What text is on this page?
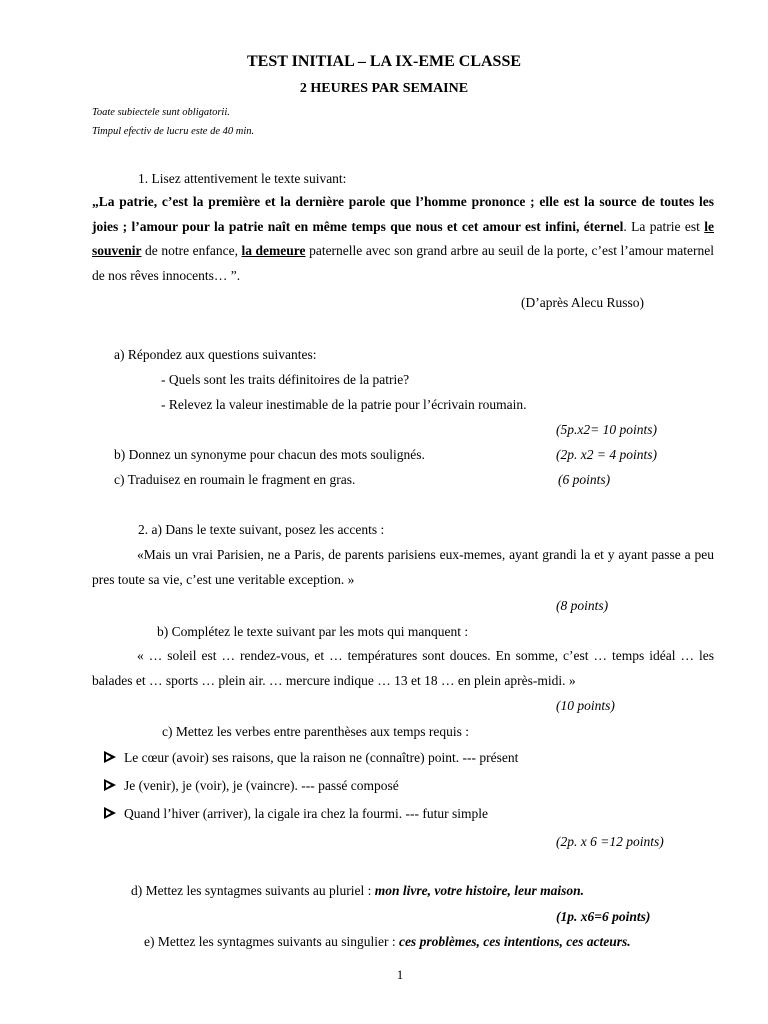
TEST INITIAL – LA IX-EME CLASSE
2 HEURES PAR SEMAINE
Toate subiectele sunt obligatorii.
Timpul efectiv de lucru este de 40 min.
1. Lisez attentivement le texte suivant:
„La patrie, c’est la première et la dernière parole que l’homme prononce ; elle est la source de toutes les joies ; l’amour pour la patrie naît en même temps que nous et cet amour est infini, éternel. La patrie est le souvenir de notre enfance, la demeure paternelle avec son grand arbre au seuil de la porte, c’est l’amour maternel de nos rêves innocents… ”.
(D’après Alecu Russo)
a) Répondez aux questions suivantes:
- Quels sont les traits définitoires de la patrie?
- Relevez la valeur inestimable de la patrie pour l’écrivain roumain.
(5p.x2= 10 points)
b) Donnez un synonyme pour chacun des mots soulignés.	(2p. x2 = 4 points)
c) Traduisez en roumain le fragment en gras.	(6 points)
2. a) Dans le texte suivant, posez les accents :
«Mais un vrai Parisien, ne a Paris, de parents parisiens eux-memes, ayant grandi la et y ayant passe a peu pres toute sa vie, c’est une veritable exception. »
(8 points)
b) Complétez le texte suivant par les mots qui manquent :
« … soleil est … rendez-vous, et … températures sont douces. En somme, c’est … temps idéal … les balades et … sports … plein air. … mercure indique … 13 et 18 … en plein après-midi. »
(10 points)
c) Mettez les verbes entre parenthèses aux temps requis :
Le cœur (avoir) ses raisons, que la raison ne (connaître) point. --- présent
Je (venir), je (voir), je (vaincre). --- passé composé
Quand l’hiver (arriver), la cigale ira chez la fourmi. --- futur simple
(2p. x 6 =12 points)
d) Mettez les syntagmes suivants au pluriel : mon livre, votre histoire, leur maison.
(1p. x6=6 points)
e) Mettez les syntagmes suivants au singulier : ces problèmes, ces intentions, ces acteurs.
1
